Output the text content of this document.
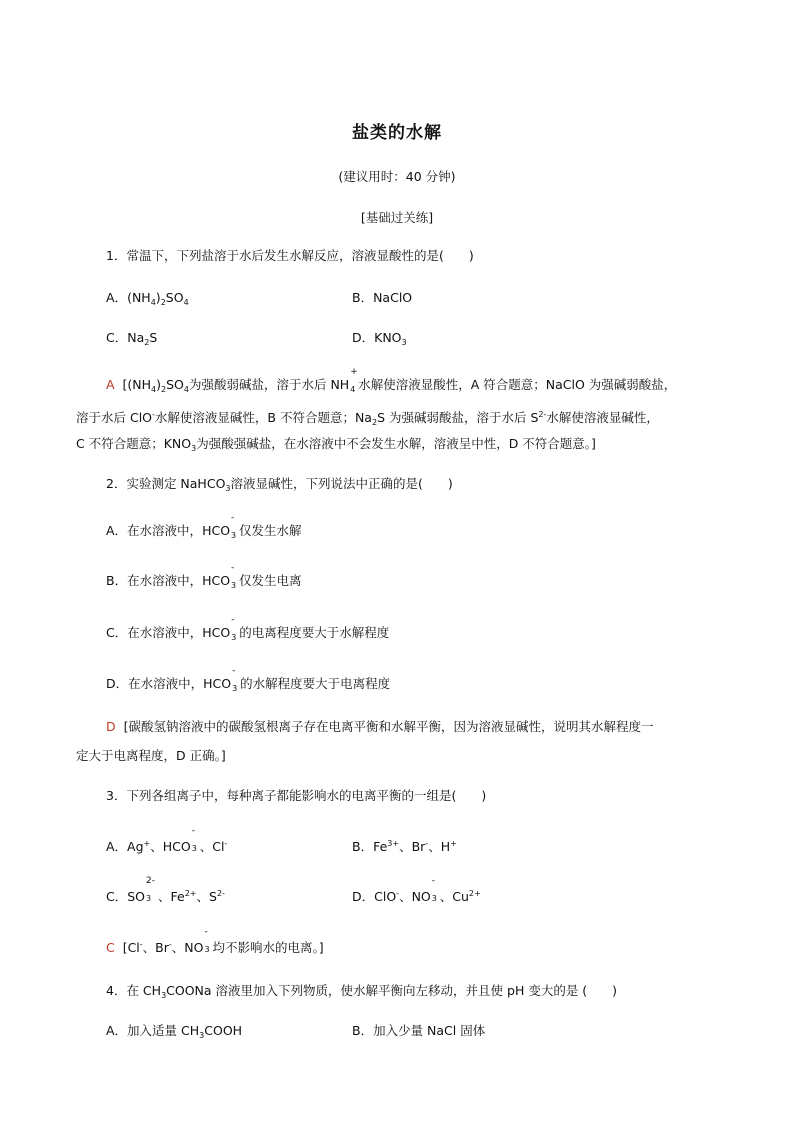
盐类的水解
(建议用时：40 分钟)
[基础过关练]
1．常温下，下列盐溶于水后发生水解反应，溶液显酸性的是(　　)
A．$(NH_4)_2SO_4$	B．NaClO
C．$Na_2S$	D．$KNO_3$
A [$(NH_4)_2SO_4$为强酸弱碱盐，溶于水后 NH
+
4 水解使溶液显酸性，A 符合题意；NaClO 为强碱弱酸盐，
溶于水后 ClO-水解使溶液显碱性，B 不符合题意；$Na_2S$ 为强碱弱酸盐，溶于水后 $S^{2-}$水解使溶液显碱性，
C 不符合题意；$KNO_3$为强酸强碱盐，在水溶液中不会发生水解，溶液呈中性，D 不符合题意。]
2．实验测定 NaHCO$_3$溶液显碱性，下列说法中正确的是(　　)
A．在水溶液中，HCO
-
3 仅发生水解
B．在水溶液中，HCO
-
3 仅发生电离
C．在水溶液中，HCO
-
3 的电离程度要大于水解程度
D．在水溶液中，HCO
-
3 的水解程度要大于电离程度
D [碳酸氢钠溶液中的碳酸氢根离子存在电离平衡和水解平衡，因为溶液显碱性，说明其水解程度一
定大于电离程度，D 正确。]
3．下列各组离子中，每种离子都能影响水的电离平衡的一组是(　　)
A．Ag+、HCO
-
3 、Cl-	B．$Fe^{3+}$、Br-、H+
C．SO
2-
3 、$Fe^{2+}$、$S^{2-}$	D．ClO-、NO
-
3 、$Cu^{2+}$
C [Cl-、Br-、NO
-
3 均不影响水的电离。]
4．在 $CH_3COONa$ 溶液里加入下列物质，使水解平衡向左移动，并且使 pH 变大的是 (　　)
A．加入适量 $CH_3COOH$	B．加入少量 NaCl 固体
